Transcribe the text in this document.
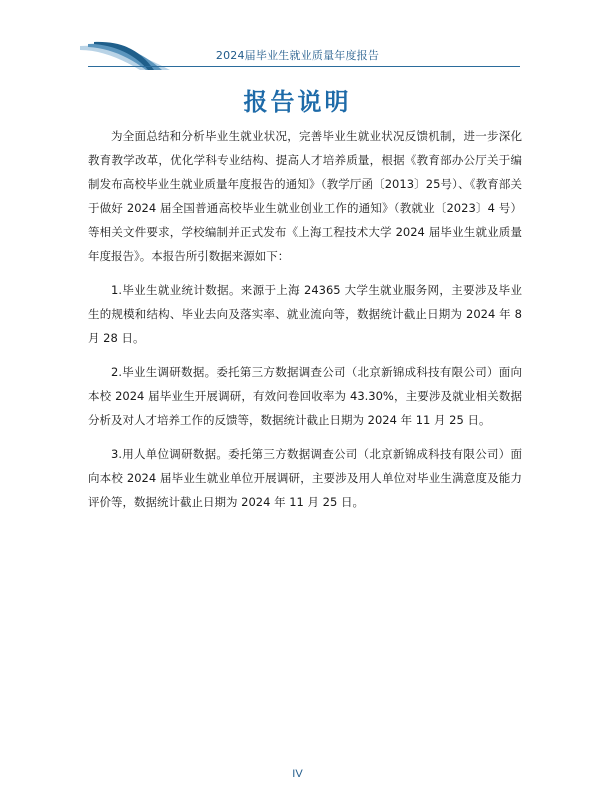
2024届毕业生就业质量年度报告
报告说明

为全面总结和分析毕业生就业状况，完善毕业生就业状况反馈机制，进一步深化教育教学改革，优化学科专业结构、提高人才培养质量，根据《教育部办公厅关于编制发布高校毕业生就业质量年度报告的通知》（教学厅函〔2013〕25号）、《教育部关于做好 2024 届全国普通高校毕业生就业创业工作的通知》（教就业〔2023〕4 号）等相关文件要求，学校编制并正式发布《上海工程技术大学 2024 届毕业生就业质量年度报告》。本报告所引数据来源如下：

1.毕业生就业统计数据。来源于上海 24365 大学生就业服务网，主要涉及毕业生的规模和结构、毕业去向及落实率、就业流向等，数据统计截止日期为 2024 年 8 月 28 日。

2.毕业生调研数据。委托第三方数据调查公司（北京新锦成科技有限公司）面向本校 2024 届毕业生开展调研，有效问卷回收率为 43.30%，主要涉及就业相关数据分析及对人才培养工作的反馈等，数据统计截止日期为 2024 年 11 月 25 日。

3.用人单位调研数据。委托第三方数据调查公司（北京新锦成科技有限公司）面向本校 2024 届毕业生就业单位开展调研，主要涉及用人单位对毕业生满意度及能力评价等，数据统计截止日期为 2024 年 11 月 25 日。

IV
